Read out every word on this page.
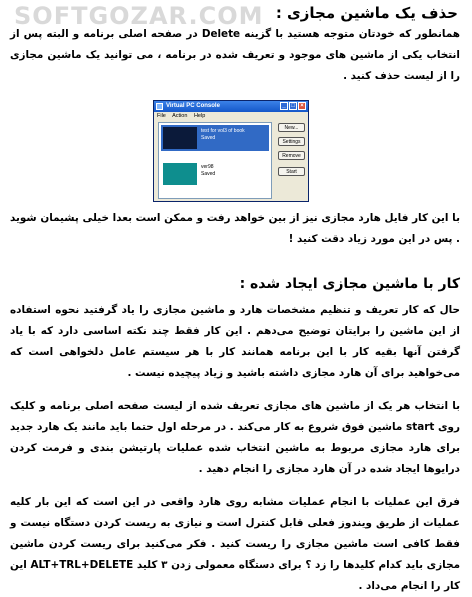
SOFTGOZAR.COM حذف یک ماشین مجازی :
همانطور که خودتان متوجه هستید با گزینه Delete در صفحه اصلی برنامه و البته پس از انتخاب یکی از ماشین های موجود و تعریف شده در برنامه ، می توانید یک ماشین مجازی را از لیست حذف کنید .
Virtual PC Console	_ □ ×
File Action Help
test for vol3 of book
Saved
ver98
Saved
New...
Settings
Remove
Start
با این کار فایل هارد مجازی نیز از بین خواهد رفت و ممکن است بعدا خیلی پشیمان شوید . پس در این مورد زیاد دقت کنید !
کار با ماشین مجازی ایجاد شده :
حال که کار تعریف و تنظیم مشخصات هارد و ماشین مجازی را یاد گرفتید نحوه استفاده از این ماشین را برایتان توضیح می‌دهم . این کار فقط چند نکته اساسی دارد که با یاد گرفتن آنها بقیه کار با این برنامه همانند کار با هر سیستم عامل دلخواهی است که می‌خواهید برای آن هارد مجازی داشته باشید و زیاد پیچیده نیست .
با انتخاب هر یک از ماشین های مجازی تعریف شده از لیست صفحه اصلی برنامه و کلیک روی start ماشین فوق شروع به کار می‌کند . در مرحله اول حتما باید مانند یک هارد جدید برای هارد مجازی مربوط به ماشین انتخاب شده عملیات پارتیشن بندی و فرمت کردن درایوها ایجاد شده در آن هارد مجازی را انجام دهید .
فرق این عملیات با انجام عملیات مشابه روی هارد واقعی در این است که این بار کلیه عملیات از طریق ویندوز فعلی قابل کنترل است و نیازی به ریست کردن دستگاه نیست و فقط کافی است ماشین مجازی را ریست کنید . فکر می‌کنید برای ریست کردن ماشین مجازی باید کدام کلیدها را زد ؟ برای دستگاه معمولی زدن ۳ کلید ALT+TRL+DELETE این کار را انجام می‌داد .
